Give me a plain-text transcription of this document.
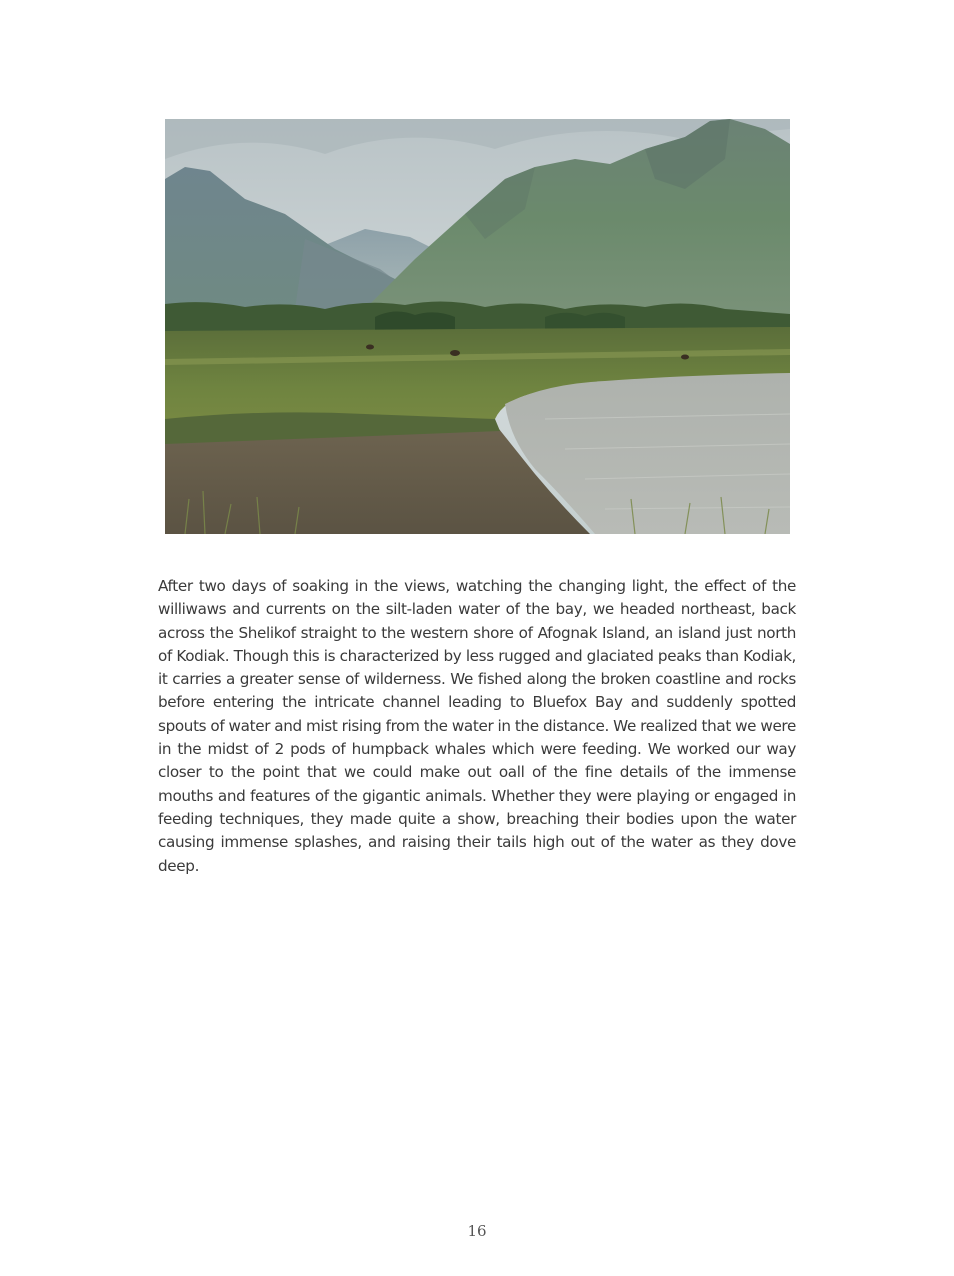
After two days of soaking in the views, watching the changing light, the effect of the williwaws and currents on the silt-laden water of the bay, we headed northeast, back across the Shelikof straight to the western shore of Afognak Island, an island just north of Kodiak. Though this is characterized by less rugged and glaciated peaks than Kodiak, it carries a greater sense of wilderness. We fished along the broken coastline and rocks before entering the intricate channel leading to Bluefox Bay and suddenly spotted spouts of water and mist rising from the water in the distance. We realized that we were in the midst of 2 pods of humpback whales which were feeding. We worked our way closer to the point that we could make out oall of the fine details of the immense mouths and features of the gigantic animals. Whether they were playing or engaged in feeding techniques, they made quite a show, breaching their bodies upon the water causing immense splashes, and raising their tails high out of the water as they dove deep.

16
